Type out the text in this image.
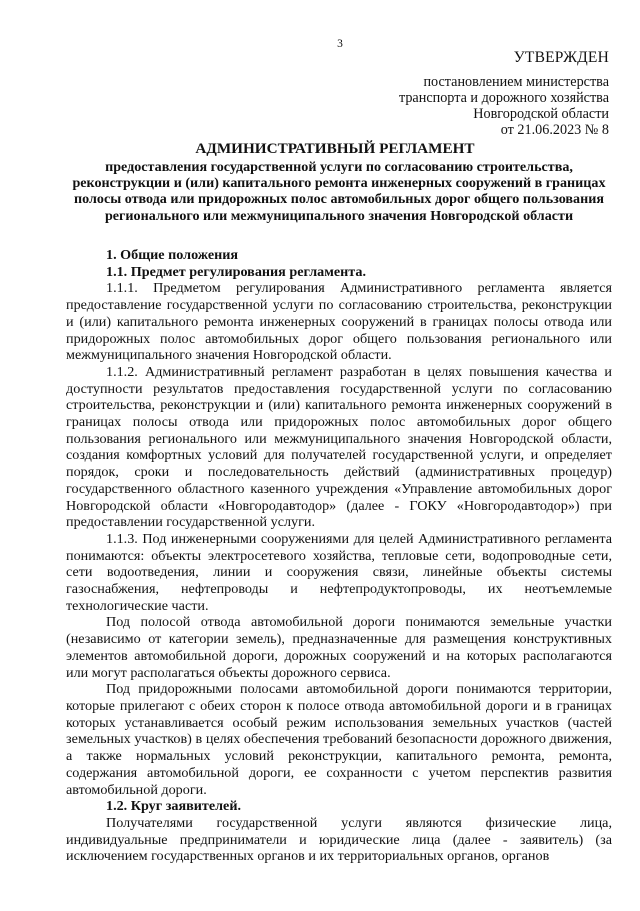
3
УТВЕРЖДЕН
постановлением министерства
транспорта и дорожного хозяйства
Новгородской области
от 21.06.2023 № 8
АДМИНИСТРАТИВНЫЙ РЕГЛАМЕНТ
предоставления государственной услуги по согласованию строительства, реконструкции и (или) капитального ремонта инженерных сооружений в границах полосы отвода или придорожных полос автомобильных дорог общего пользования регионального или межмуниципального значения Новгородской области

1. Общие положения

1.1. Предмет регулирования регламента.

1.1.1. Предметом регулирования Административного регламента является предоставление государственной услуги по согласованию строительства, реконструкции и (или) капитального ремонта инженерных сооружений в границах полосы отвода или придорожных полос автомобильных дорог общего пользования регионального или межмуниципального значения Новгородской области.

1.1.2. Административный регламент разработан в целях повышения качества и доступности результатов предоставления государственной услуги по согласованию строительства, реконструкции и (или) капитального ремонта инженерных сооружений в границах полосы отвода или придорожных полос автомобильных дорог общего пользования регионального или межмуниципального значения Новгородской области, создания комфортных условий для получателей государственной услуги, и определяет порядок, сроки и последовательность действий (административных процедур) государственного областного казенного учреждения «Управление автомобильных дорог Новгородской области «Новгородавтодор» (далее - ГОКУ «Новгородавтодор») при предоставлении государственной услуги.

1.1.3. Под инженерными сооружениями для целей Административного регламента понимаются: объекты электросетевого хозяйства, тепловые сети, водопроводные сети, сети водоотведения, линии и сооружения связи, линейные объекты системы газоснабжения, нефтепроводы и нефтепродуктопроводы, их неотъемлемые технологические части.

Под полосой отвода автомобильной дороги понимаются земельные участки (независимо от категории земель), предназначенные для размещения конструктивных элементов автомобильной дороги, дорожных сооружений и на которых располагаются или могут располагаться объекты дорожного сервиса.

Под придорожными полосами автомобильной дороги понимаются территории, которые прилегают с обеих сторон к полосе отвода автомобильной дороги и в границах которых устанавливается особый режим использования земельных участков (частей земельных участков) в целях обеспечения требований безопасности дорожного движения, а также нормальных условий реконструкции, капитального ремонта, ремонта, содержания автомобильной дороги, ее сохранности с учетом перспектив развития автомобильной дороги.

1.2. Круг заявителей.

Получателями государственной услуги являются физические лица, индивидуальные предприниматели и юридические лица (далее - заявитель) (за исключением государственных органов и их территориальных органов, органов
